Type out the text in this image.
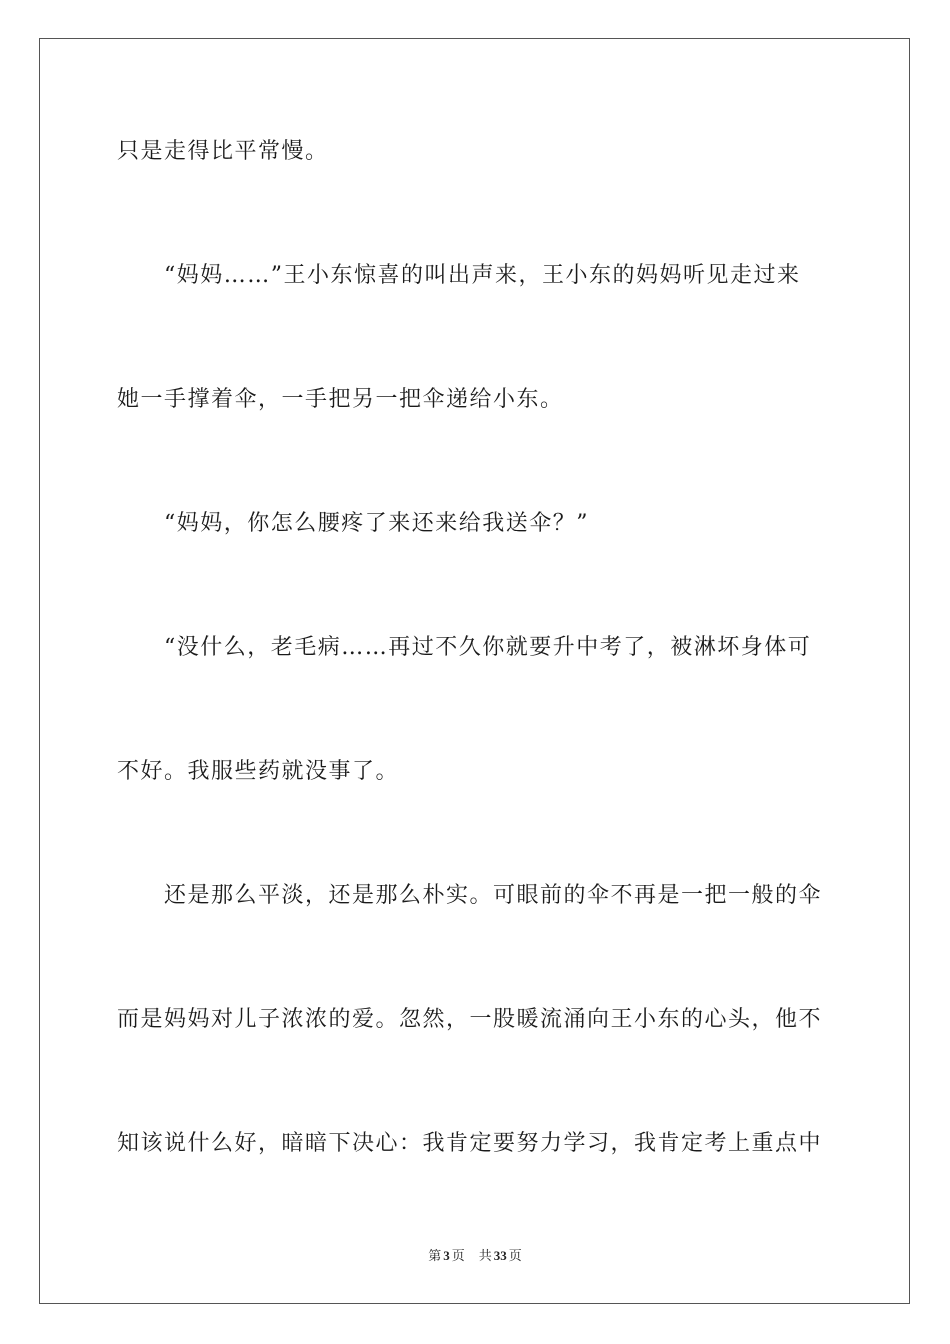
只是走得比平常慢。
“妈妈……”王小东惊喜的叫出声来，王小东的妈妈听见走过来
她一手撑着伞，一手把另一把伞递给小东。
“妈妈，你怎么腰疼了来还来给我送伞？”
“没什么，老毛病……再过不久你就要升中考了，被淋坏身体可
不好。我服些药就没事了。
还是那么平淡，还是那么朴实。可眼前的伞不再是一把一般的伞
而是妈妈对儿子浓浓的爱。忽然，一股暖流涌向王小东的心头，他不
知该说什么好，暗暗下决心：我肯定要努力学习，我肯定考上重点中
第 3 页 共 33 页
